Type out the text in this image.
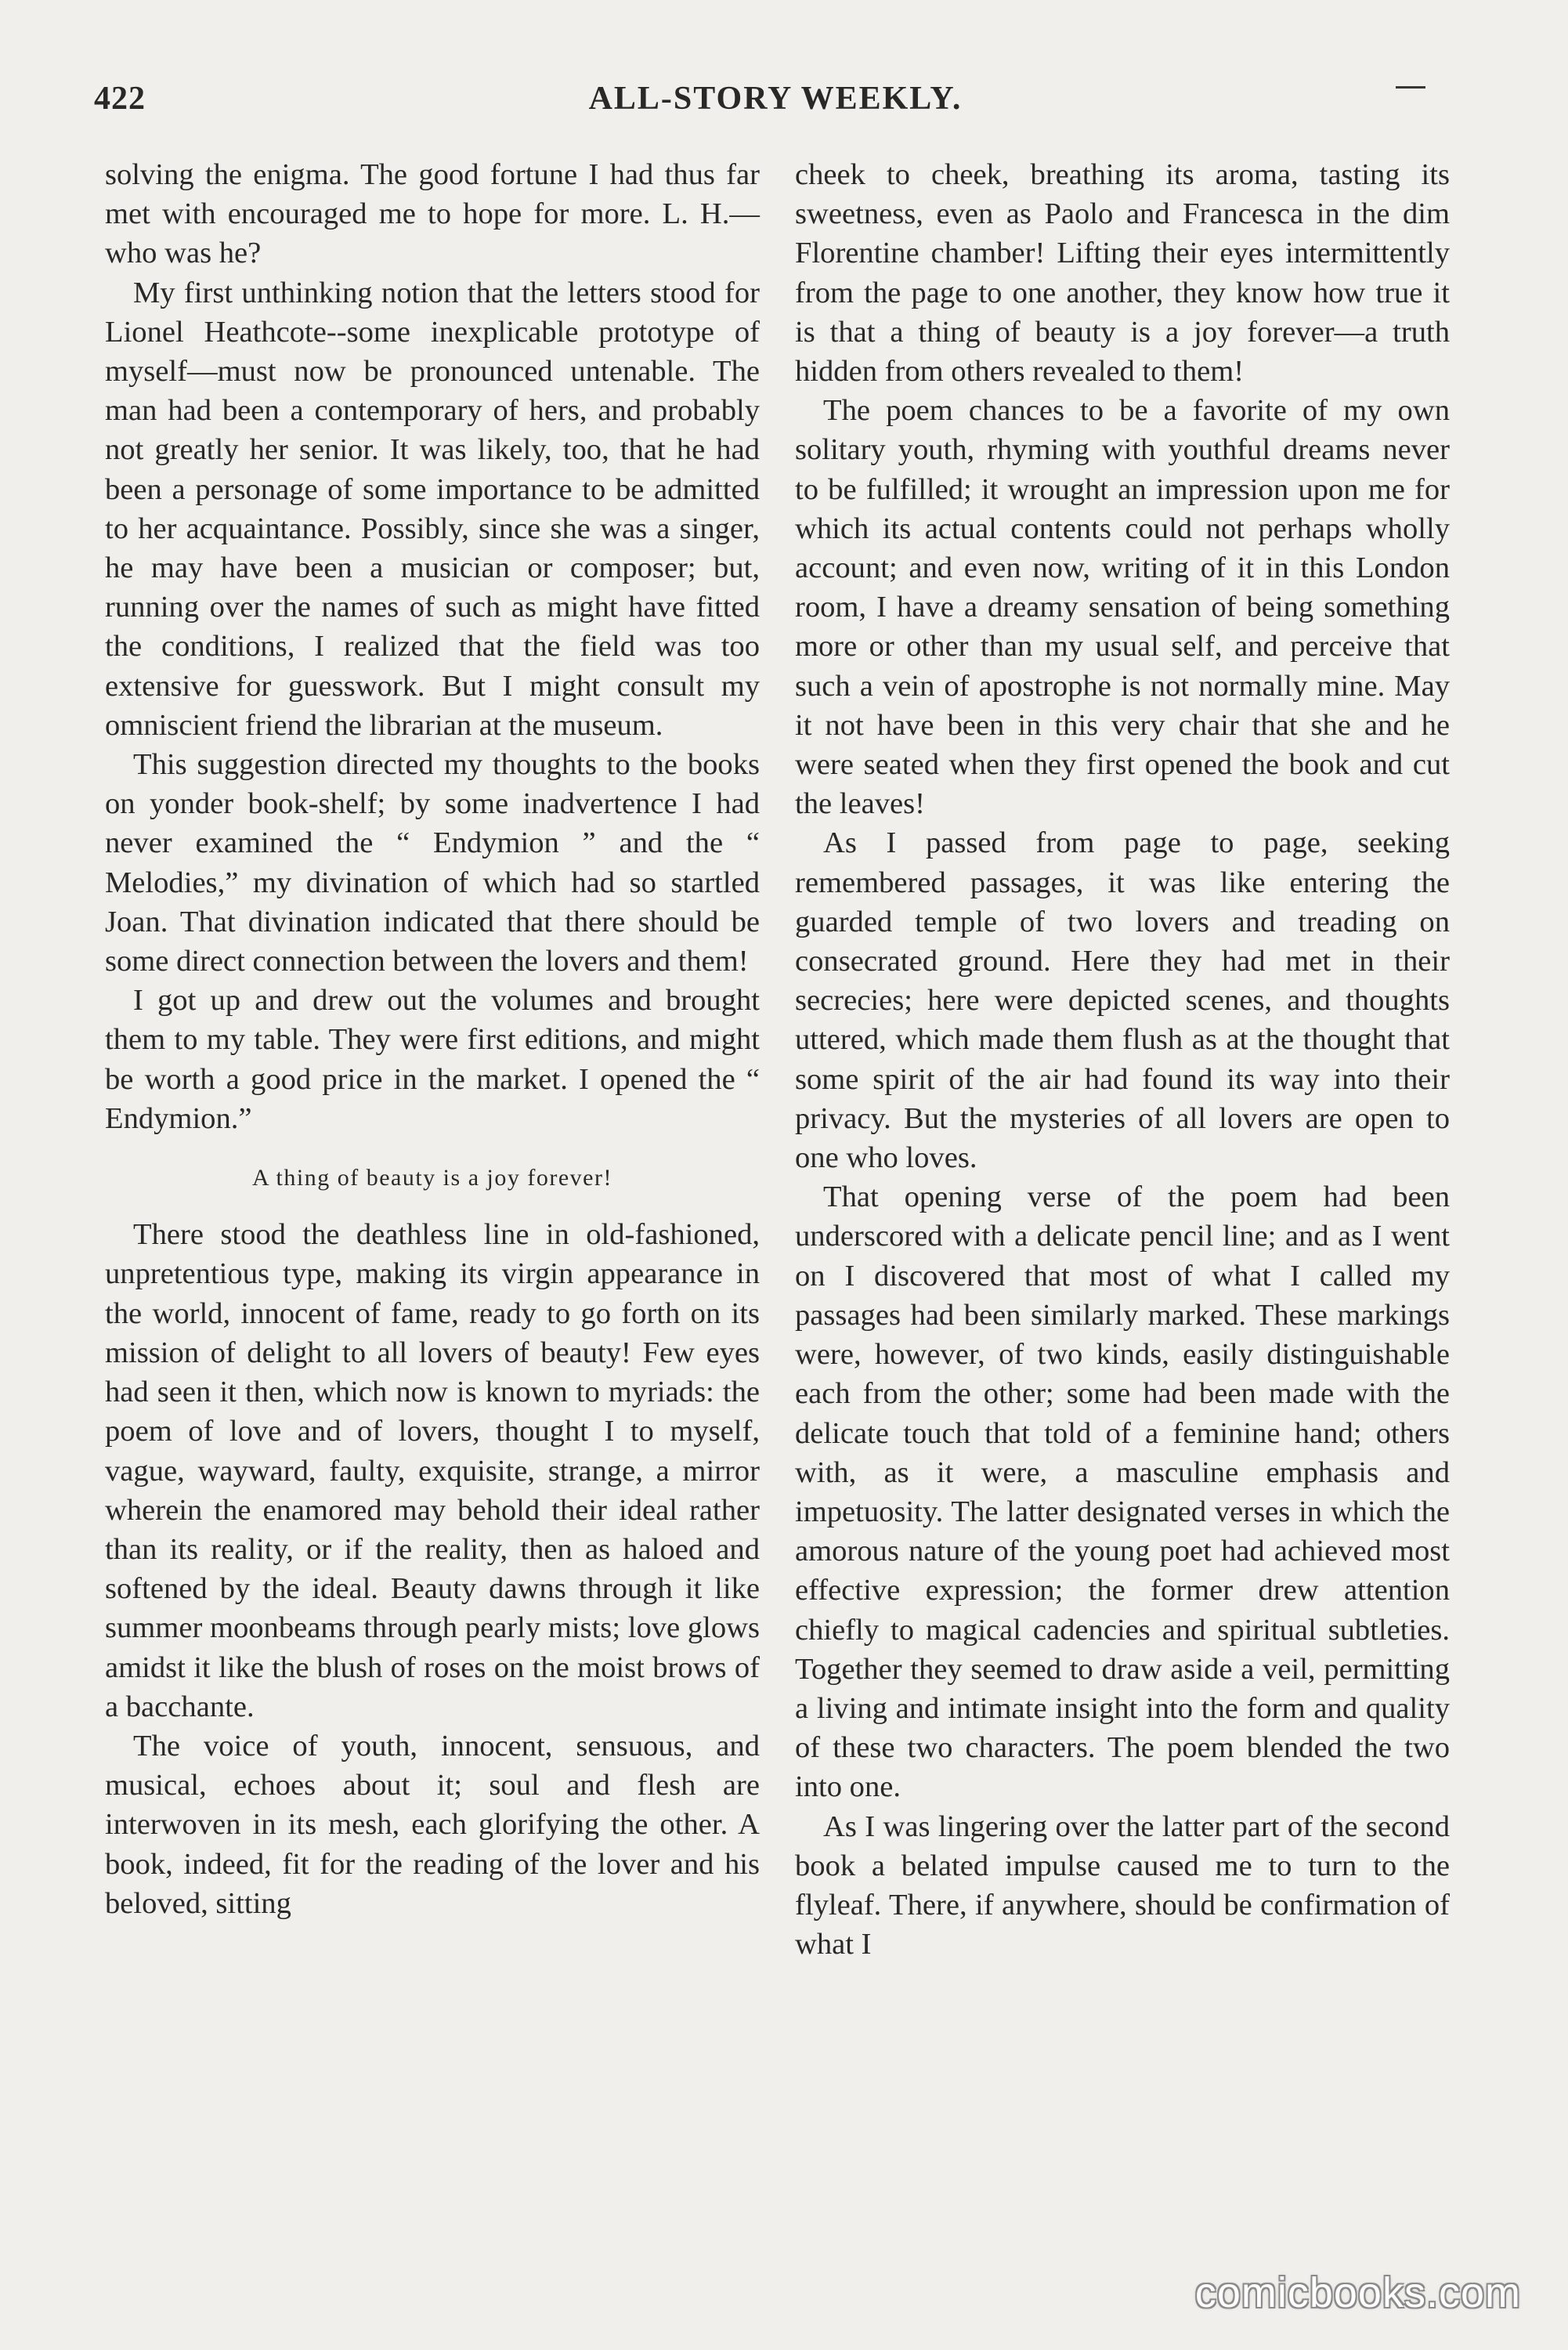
422	ALL-STORY WEEKLY.

solving the enigma. The good fortune I had thus far met with encouraged me to hope for more. L. H.—who was he?

My first unthinking notion that the letters stood for Lionel Heathcote--some inexplicable prototype of myself—must now be pronounced untenable. The man had been a contemporary of hers, and probably not greatly her senior. It was likely, too, that he had been a personage of some importance to be admitted to her acquaintance. Possibly, since she was a singer, he may have been a musician or composer; but, running over the names of such as might have fitted the conditions, I realized that the field was too extensive for guesswork. But I might consult my omniscient friend the librarian at the museum.

This suggestion directed my thoughts to the books on yonder book-shelf; by some inadvertence I had never examined the “ Endymion ” and the “ Melodies,” my divination of which had so startled Joan. That divination indicated that there should be some direct connection between the lovers and them!

I got up and drew out the volumes and brought them to my table. They were first editions, and might be worth a good price in the market. I opened the “ Endymion.”

A thing of beauty is a joy forever!

There stood the deathless line in old-fashioned, unpretentious type, making its virgin appearance in the world, innocent of fame, ready to go forth on its mission of delight to all lovers of beauty! Few eyes had seen it then, which now is known to myriads: the poem of love and of lovers, thought I to myself, vague, wayward, faulty, exquisite, strange, a mirror wherein the enamored may behold their ideal rather than its reality, or if the reality, then as haloed and softened by the ideal. Beauty dawns through it like summer moonbeams through pearly mists; love glows amidst it like the blush of roses on the moist brows of a bacchante.

The voice of youth, innocent, sensuous, and musical, echoes about it; soul and flesh are interwoven in its mesh, each glorifying the other. A book, indeed, fit for the reading of the lover and his beloved, sitting

cheek to cheek, breathing its aroma, tasting its sweetness, even as Paolo and Francesca in the dim Florentine chamber! Lifting their eyes intermittently from the page to one another, they know how true it is that a thing of beauty is a joy forever—a truth hidden from others revealed to them!

The poem chances to be a favorite of my own solitary youth, rhyming with youthful dreams never to be fulfilled; it wrought an impression upon me for which its actual contents could not perhaps wholly account; and even now, writing of it in this London room, I have a dreamy sensation of being something more or other than my usual self, and perceive that such a vein of apostrophe is not normally mine. May it not have been in this very chair that she and he were seated when they first opened the book and cut the leaves!

As I passed from page to page, seeking remembered passages, it was like entering the guarded temple of two lovers and treading on consecrated ground. Here they had met in their secrecies; here were depicted scenes, and thoughts uttered, which made them flush as at the thought that some spirit of the air had found its way into their privacy. But the mysteries of all lovers are open to one who loves.

That opening verse of the poem had been underscored with a delicate pencil line; and as I went on I discovered that most of what I called my passages had been similarly marked. These markings were, however, of two kinds, easily distinguishable each from the other; some had been made with the delicate touch that told of a feminine hand; others with, as it were, a masculine emphasis and impetuosity. The latter designated verses in which the amorous nature of the young poet had achieved most effective expression; the former drew attention chiefly to magical cadencies and spiritual subtleties. Together they seemed to draw aside a veil, permitting a living and intimate insight into the form and quality of these two characters. The poem blended the two into one.

As I was lingering over the latter part of the second book a belated impulse caused me to turn to the flyleaf. There, if anywhere, should be confirmation of what I

comicbooks.com
